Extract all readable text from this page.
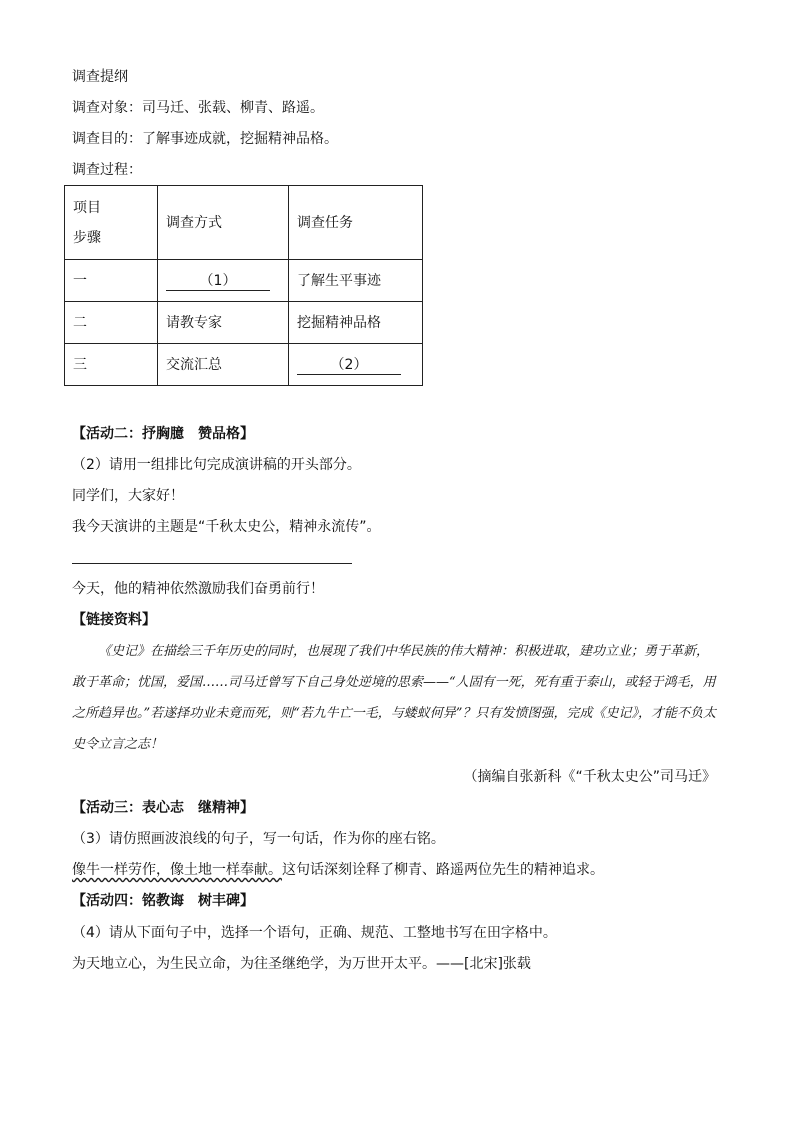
调查提纲
调查对象：司马迁、张载、柳青、路遥。
调查目的：了解事迹成就，挖掘精神品格。
调查过程：
项目
步骤	调查方式	调查任务
一	（1）	了解生平事迹
二	请教专家	挖掘精神品格
三	交流汇总	（2）
【活动二：抒胸臆　赞品格】
（2）请用一组排比句完成演讲稿的开头部分。
同学们，大家好！
我今天演讲的主题是“千秋太史公，精神永流传”。
今天，他的精神依然激励我们奋勇前行！
【链接资料】
《史记》在描绘三千年历史的同时，也展现了我们中华民族的伟大精神：积极进取，建功立业；勇于革新，敢于革命；忧国，爱国……司马迁曾写下自己身处逆境的思索——“人固有一死，死有重于泰山，或轻于鸿毛，用之所趋异也。”若遂择功业未竟而死，则“若九牛亡一毛，与蝼蚁何异”？只有发愤图强，完成《史记》，才能不负太史令立言之志！
（摘编自张新科《“千秋太史公”司马迁》
【活动三：表心志　继精神】
（3）请仿照画波浪线的句子，写一句话，作为你的座右铭。
像牛一样劳作，像土地一样奉献。这句话深刻诠释了柳青、路遥两位先生的精神追求。
【活动四：铭教诲　树丰碑】
（4）请从下面句子中，选择一个语句，正确、规范、工整地书写在田字格中。
为天地立心，为生民立命，为往圣继绝学，为万世开太平。——[北宋]张载
